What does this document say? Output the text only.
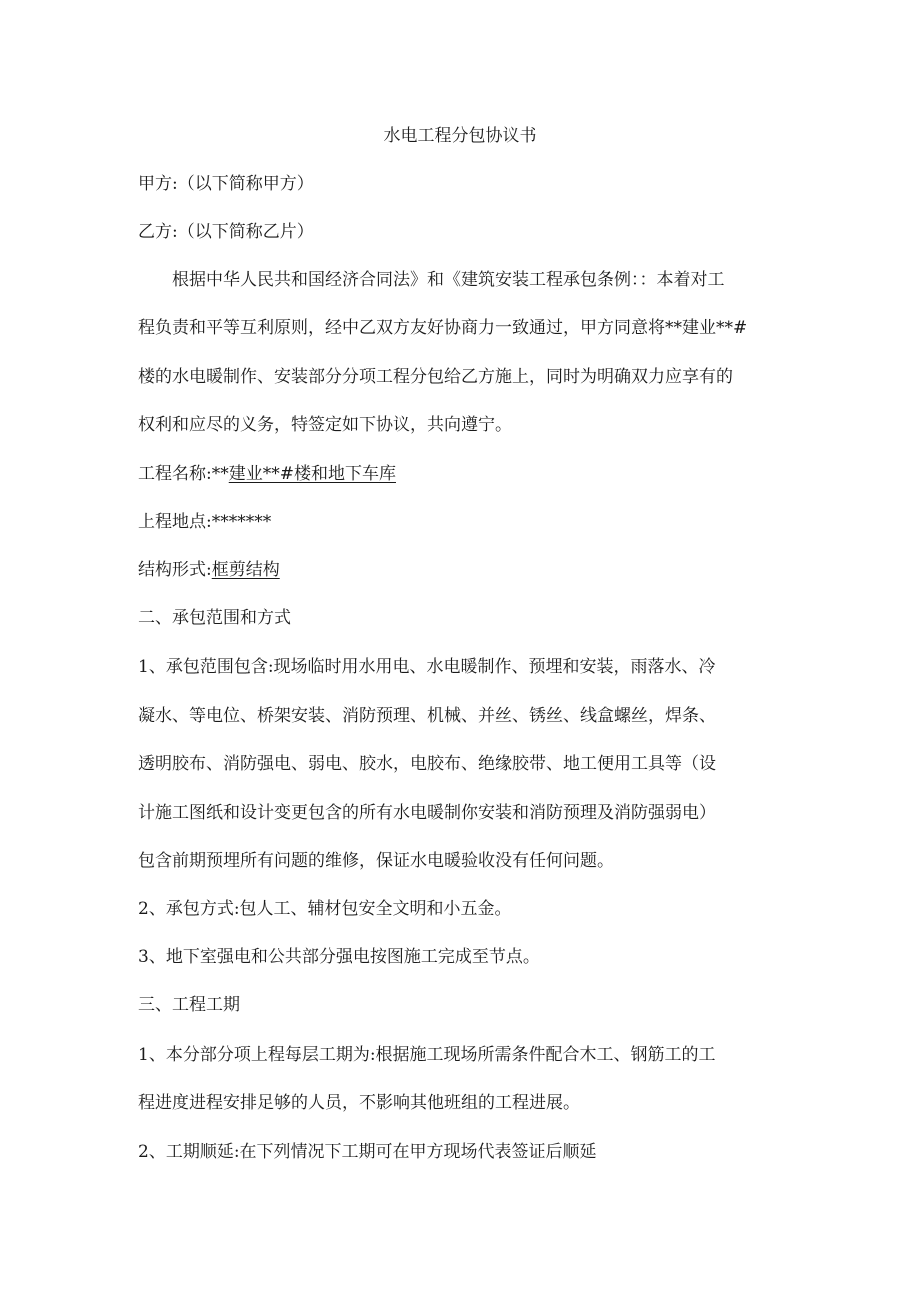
水电工程分包协议书
甲方:（以下简称甲方）
乙方:（以下简称乙片）
根据中华人民共和国经济合同法》和《建筑安装工程承包条例：：本着对工
程负责和平等互利原则，经中乙双方友好协商力一致通过，甲方同意将**建业**#
楼的水电暖制作、安装部分分项工程分包给乙方施上，同时为明确双力应享有的
权利和应尽的义务，特签定如下协议，共向遵宁。
工程名称:**建业**#楼和地下车库
上程地点:*******
结构形式:框剪结构
二、承包范围和方式
1、承包范围包含:现场临时用水用电、水电暖制作、预埋和安装，雨落水、冷
凝水、等电位、桥架安装、消防预理、机械、并丝、锈丝、线盒螺丝，焊条、
透明胶布、消防强电、弱电、胶水，电胶布、绝缘胶带、地工便用工具等（设
计施工图纸和设计变更包含的所有水电暖制你安装和消防预理及消防强弱电）
包含前期预埋所有问题的维修，保证水电暖验收没有任何问题。
2、承包方式:包人工、辅材包安全文明和小五金。
3、地下室强电和公共部分强电按图施工完成至节点。
三、工程工期
1、本分部分项上程每层工期为:根据施工现场所需条件配合木工、钢筋工的工
程进度进程安排足够的人员，不影响其他班组的工程进展。
2、工期顺延:在下列情况下工期可在甲方现场代表签证后顺延
